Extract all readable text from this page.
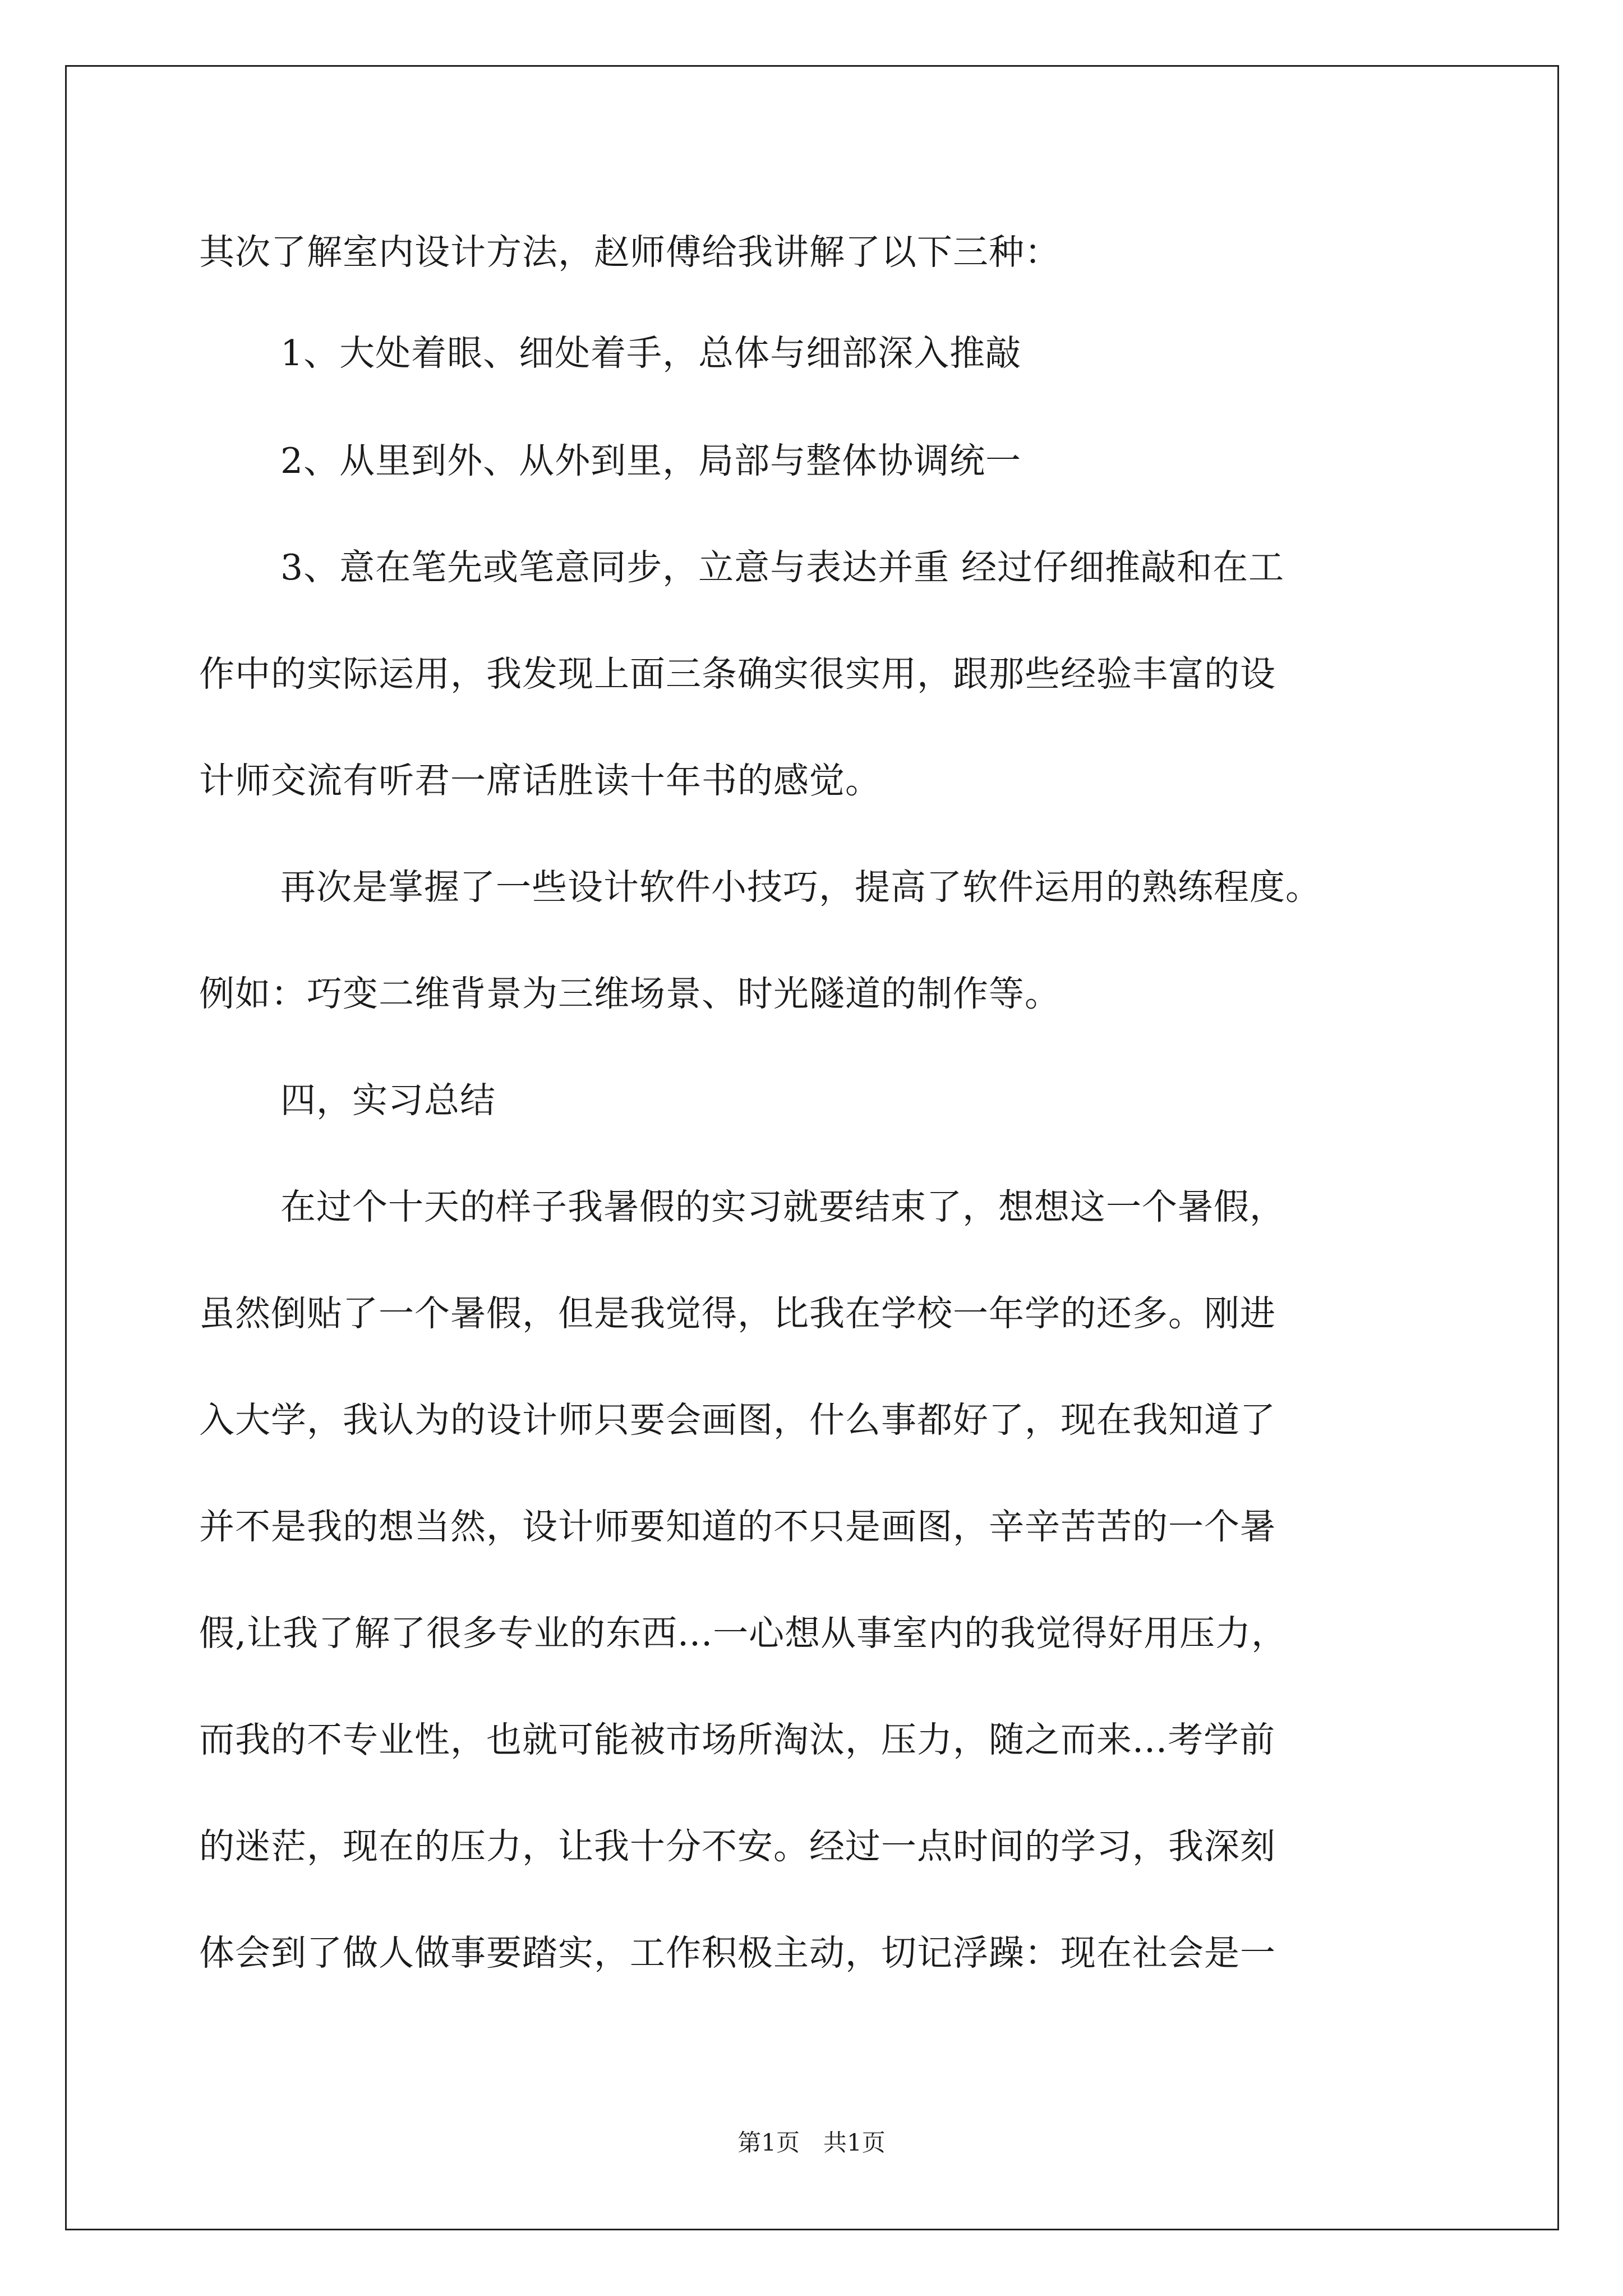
其次了解室内设计方法，赵师傅给我讲解了以下三种：
1、大处着眼、细处着手，总体与细部深入推敲
2、从里到外、从外到里，局部与整体协调统一
3、意在笔先或笔意同步，立意与表达并重 经过仔细推敲和在工
作中的实际运用，我发现上面三条确实很实用，跟那些经验丰富的设
计师交流有听君一席话胜读十年书的感觉。
再次是掌握了一些设计软件小技巧，提高了软件运用的熟练程度。
例如：巧变二维背景为三维场景、时光隧道的制作等。
四，实习总结
在过个十天的样子我暑假的实习就要结束了，想想这一个暑假，
虽然倒贴了一个暑假，但是我觉得，比我在学校一年学的还多。刚进
入大学，我认为的设计师只要会画图，什么事都好了，现在我知道了
并不是我的想当然，设计师要知道的不只是画图，辛辛苦苦的一个暑
假,让我了解了很多专业的东西...一心想从事室内的我觉得好用压力，
而我的不专业性，也就可能被市场所淘汰，压力，随之而来...考学前
的迷茫，现在的压力，让我十分不安。经过一点时间的学习，我深刻
体会到了做人做事要踏实，工作积极主动，切记浮躁：现在社会是一
第1页　共1页
